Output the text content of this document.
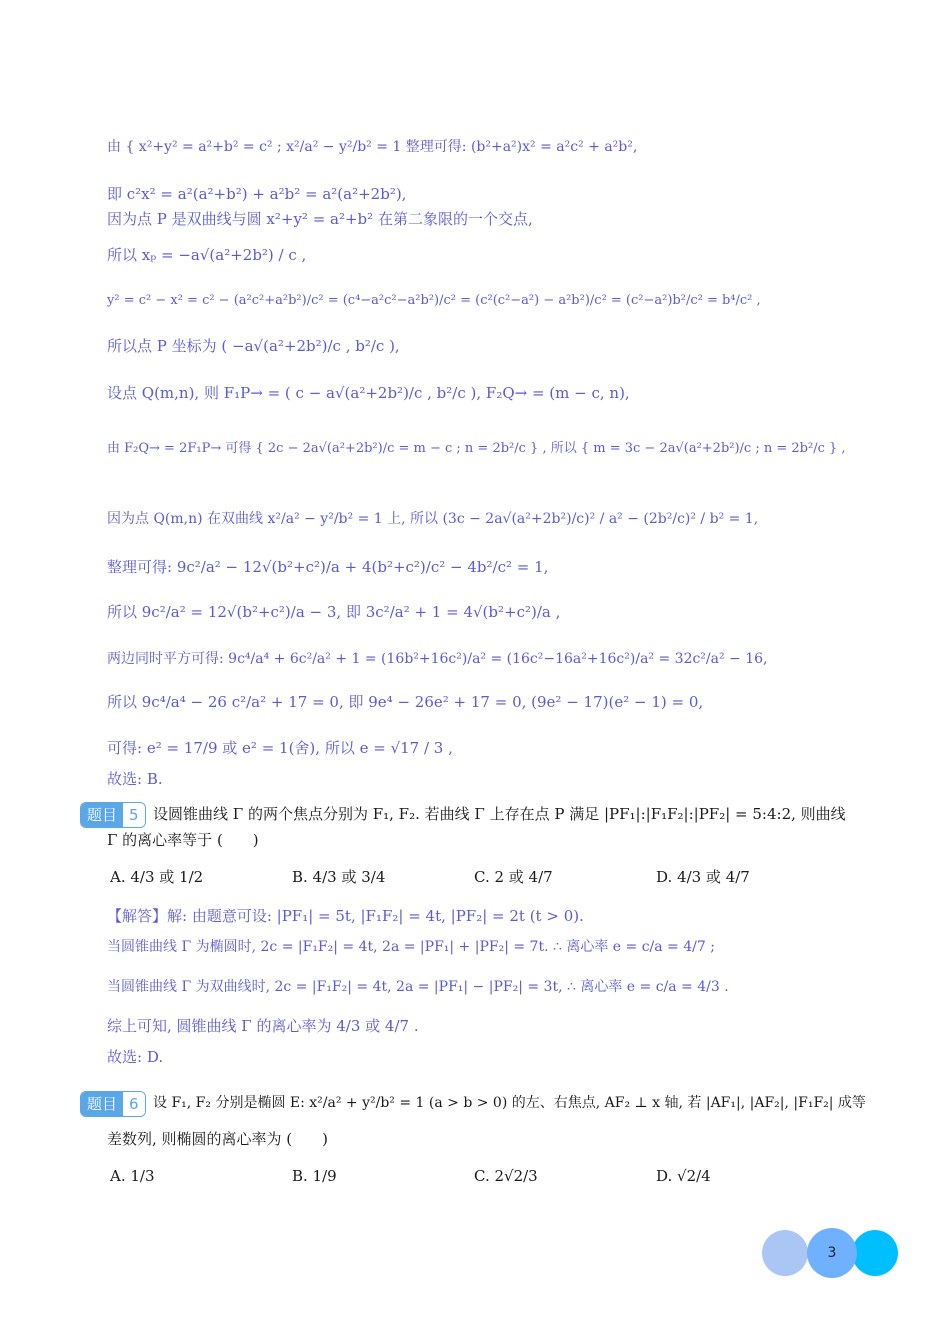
由 { x²+y² = a²+b² = c² ; x²/a² − y²/b² = 1 整理可得: (b²+a²)x² = a²c² + a²b²,
即 c²x² = a²(a²+b²) + a²b² = a²(a²+2b²),
因为点 P 是双曲线与圆 x²+y² = a²+b² 在第二象限的一个交点,
所以 xₚ = −a√(a²+2b²) / c ,
y² = c² − x² = c² − (a²c²+a²b²)/c² = (c⁴−a²c²−a²b²)/c² = (c²(c²−a²) − a²b²)/c² = (c²−a²)b²/c² = b⁴/c² ,
所以点 P 坐标为 ( −a√(a²+2b²)/c , b²/c ),
设点 Q(m,n), 则 F₁P→ = ( c − a√(a²+2b²)/c , b²/c ), F₂Q→ = (m − c, n),
由 F₂Q→ = 2F₁P→ 可得 { 2c − 2a√(a²+2b²)/c = m − c ; n = 2b²/c } , 所以 { m = 3c − 2a√(a²+2b²)/c ; n = 2b²/c } ,
因为点 Q(m,n) 在双曲线 x²/a² − y²/b² = 1 上, 所以 (3c − 2a√(a²+2b²)/c)² / a² − (2b²/c)² / b² = 1,
整理可得: 9c²/a² − 12√(b²+c²)/a + 4(b²+c²)/c² − 4b²/c² = 1,
所以 9c²/a² = 12√(b²+c²)/a − 3, 即 3c²/a² + 1 = 4√(b²+c²)/a ,
两边同时平方可得: 9c⁴/a⁴ + 6c²/a² + 1 = (16b²+16c²)/a² = (16c²−16a²+16c²)/a² = 32c²/a² − 16,
所以 9c⁴/a⁴ − 26 c²/a² + 17 = 0, 即 9e⁴ − 26e² + 17 = 0, (9e² − 17)(e² − 1) = 0,
可得: e² = 17/9 或 e² = 1(舍), 所以 e = √17 / 3 ,
故选: B.
题目 5 设圆锥曲线 Γ 的两个焦点分别为 F₁, F₂. 若曲线 Γ 上存在点 P 满足 |PF₁|:|F₁F₂|:|PF₂| = 5:4:2, 则曲线
Γ 的离心率等于 (　　)
A. 4/3 或 1/2	B. 4/3 或 3/4	C. 2 或 4/7	D. 4/3 或 4/7
【解答】解: 由题意可设: |PF₁| = 5t, |F₁F₂| = 4t, |PF₂| = 2t (t > 0).
当圆锥曲线 Γ 为椭圆时, 2c = |F₁F₂| = 4t, 2a = |PF₁| + |PF₂| = 7t. ∴ 离心率 e = c/a = 4/7 ;
当圆锥曲线 Γ 为双曲线时, 2c = |F₁F₂| = 4t, 2a = |PF₁| − |PF₂| = 3t, ∴ 离心率 e = c/a = 4/3 .
综上可知, 圆锥曲线 Γ 的离心率为 4/3 或 4/7 .
故选: D.
题目 6	设 F₁, F₂ 分别是椭圆 E: x²/a² + y²/b² = 1 (a > b > 0) 的左、右焦点, AF₂ ⊥ x 轴, 若 |AF₁|, |AF₂|, |F₁F₂| 成等
差数列, 则椭圆的离心率为 (　　)
A. 1/3	B. 1/9	C. 2√2/3	D. √2/4
3
